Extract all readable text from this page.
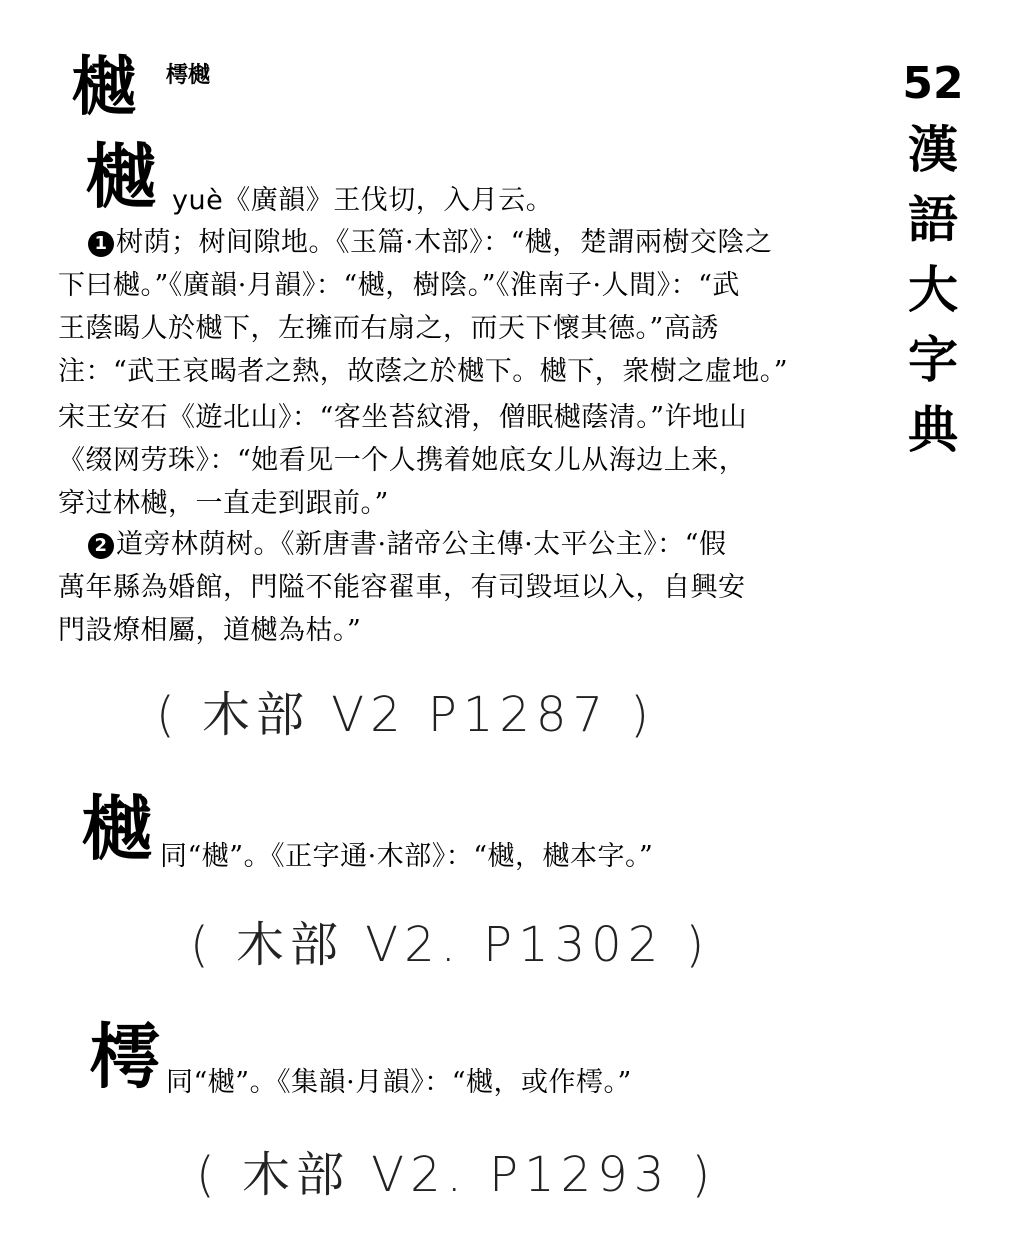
樾 樗樾	52
漢
語
大
字
典
樾 yuè《廣韻》王伐切，入月云。
1 树荫；树间隙地。《玉篇·木部》：“樾，楚謂兩樹交陰之
下曰樾。”《廣韻·月韻》：“樾，樹陰。”《淮南子·人間》：“武
王蔭暍人於樾下，左擁而右扇之，而天下懷其德。”高誘
注：“武王哀暍者之熱，故蔭之於樾下。樾下，衆樹之虛地。”
宋王安石《遊北山》：“客坐苔紋滑，僧眠樾蔭清。”许地山
《缀网劳珠》：“她看见一个人携着她底女儿从海边上来，
穿过林樾，一直走到跟前。”
2 道旁林荫树。《新唐書·諸帝公主傳·太平公主》：“假
萬年縣為婚館，門隘不能容翟車，有司毀垣以入，自興安
門設燎相屬，道樾為枯。”
( 木部 V2 P1287 )
樾 同“樾”。《正字通·木部》：“樾，樾本字。”
( 木部 V2. P1302 )
樗 同“樾”。《集韻·月韻》：“樾，或作樗。”
( 木部 V2. P1293 )
